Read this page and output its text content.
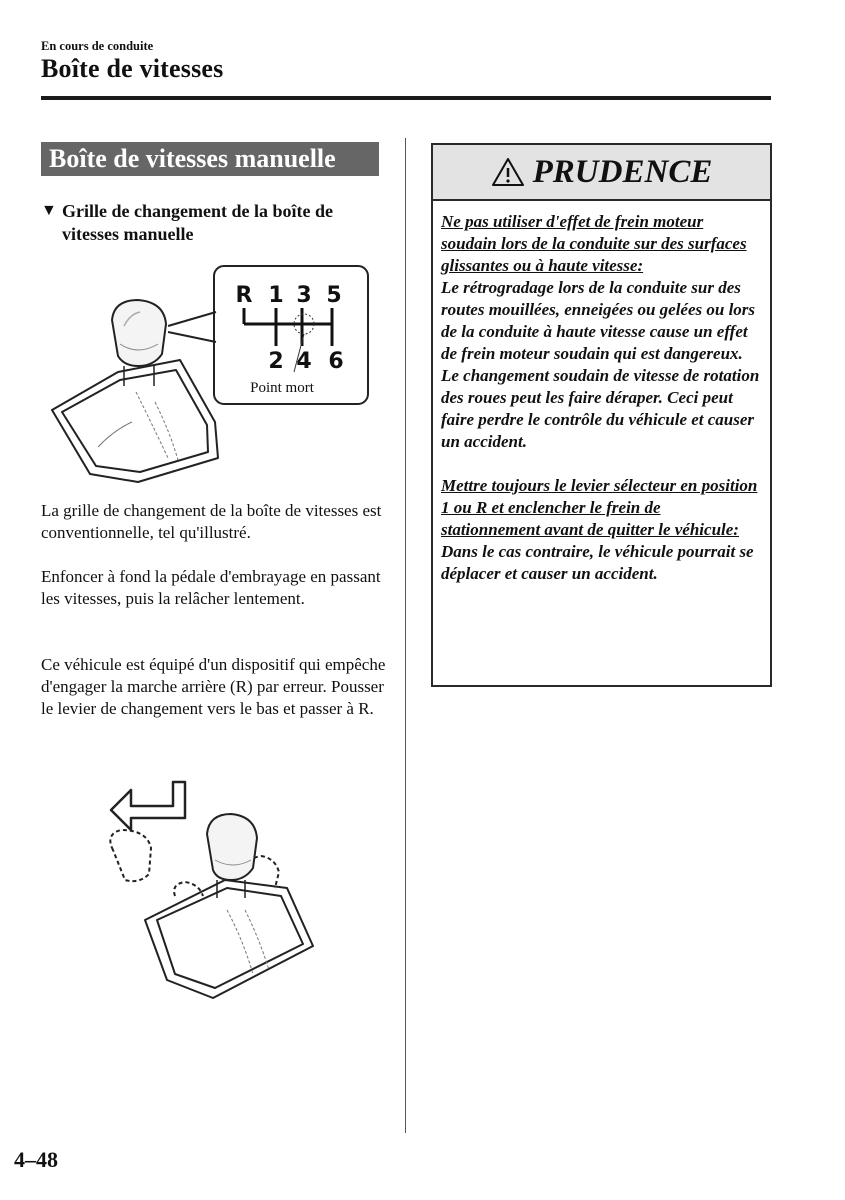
En cours de conduite
Boîte de vitesses
Boîte de vitesses manuelle
▼ Grille de changement de la boîte de vitesses manuelle
R 1 3 5
2 4 6
Point mort
La grille de changement de la boîte de vitesses est conventionnelle, tel qu'illustré.
Enfoncer à fond la pédale d'embrayage en passant les vitesses, puis la relâcher lentement.
Ce véhicule est équipé d'un dispositif qui empêche d'engager la marche arrière (R) par erreur. Pousser le levier de changement vers le bas et passer à R.
PRUDENCE

Ne pas utiliser d'effet de frein moteur soudain lors de la conduite sur des surfaces glissantes ou à haute vitesse:

Le rétrogradage lors de la conduite sur des routes mouillées, enneigées ou gelées ou lors de la conduite à haute vitesse cause un effet de frein moteur soudain qui est dangereux. Le changement soudain de vitesse de rotation des roues peut les faire déraper. Ceci peut faire perdre le contrôle du véhicule et causer un accident.

Mettre toujours le levier sélecteur en position 1 ou R et enclencher le frein de stationnement avant de quitter le véhicule:

Dans le cas contraire, le véhicule pourrait se déplacer et causer un accident.

4–48
